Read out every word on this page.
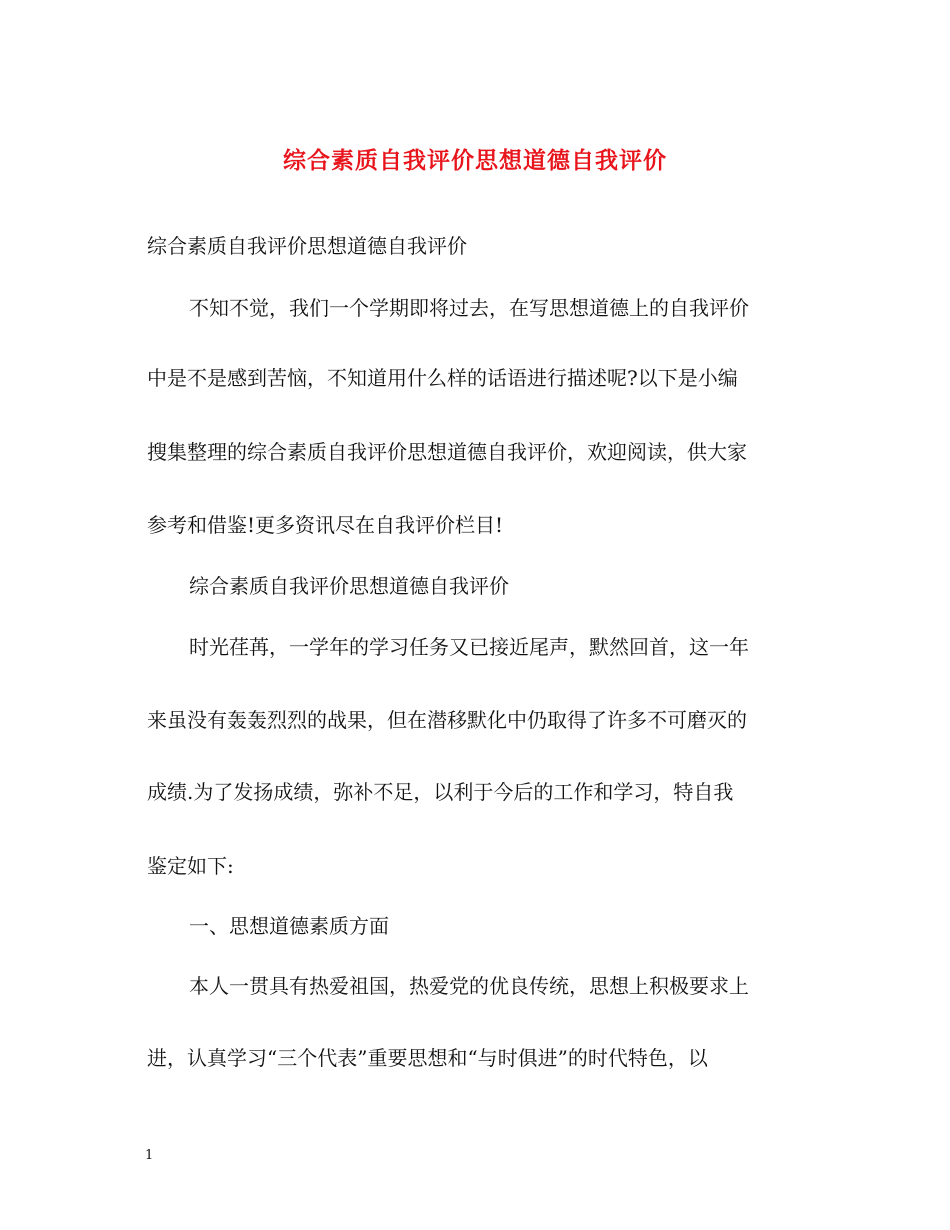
综合素质自我评价思想道德自我评价
综合素质自我评价思想道德自我评价
不知不觉，我们一个学期即将过去，在写思想道德上的自我评价
中是不是感到苦恼，不知道用什么样的话语进行描述呢?以下是小编
搜集整理的综合素质自我评价思想道德自我评价，欢迎阅读，供大家
参考和借鉴!更多资讯尽在自我评价栏目!
综合素质自我评价思想道德自我评价
时光荏苒，一学年的学习任务又已接近尾声，默然回首，这一年
来虽没有轰轰烈烈的战果，但在潜移默化中仍取得了许多不可磨灭的
成绩.为了发扬成绩，弥补不足，以利于今后的工作和学习，特自我
鉴定如下:
一、思想道德素质方面
本人一贯具有热爱祖国，热爱党的优良传统，思想上积极要求上
进，认真学习“三个代表”重要思想和“与时俱进”的时代特色，以
1
